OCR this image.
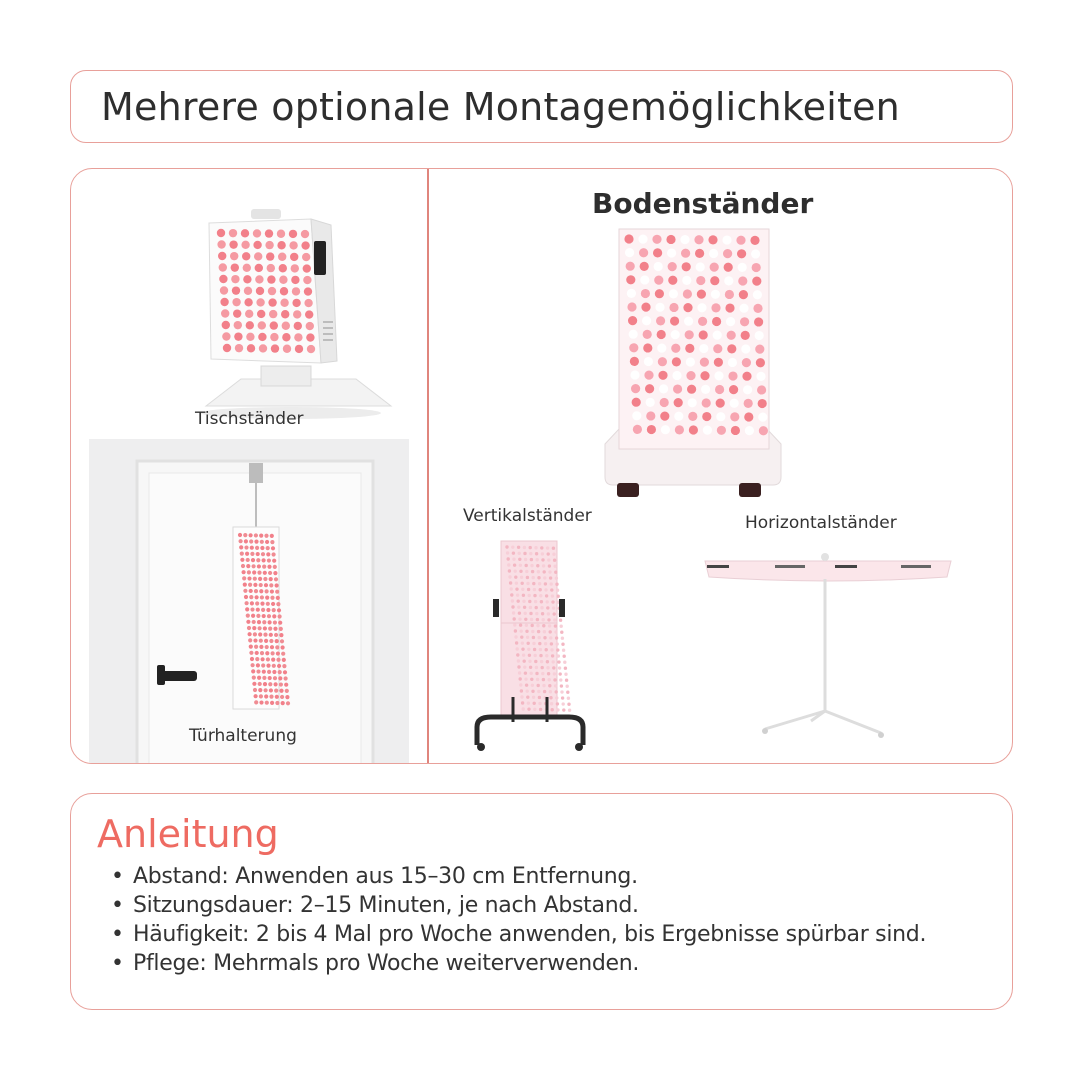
Mehrere optionale Montagemöglichkeiten
Tischständer
Türhalterung
Bodenständer
Vertikalständer	Horizontalständer
Anleitung
• Abstand: Anwenden aus 15–30 cm Entfernung.
• Sitzungsdauer: 2–15 Minuten, je nach Abstand.
• Häufigkeit: 2 bis 4 Mal pro Woche anwenden, bis Ergebnisse spürbar sind.
• Pflege: Mehrmals pro Woche weiterverwenden.
